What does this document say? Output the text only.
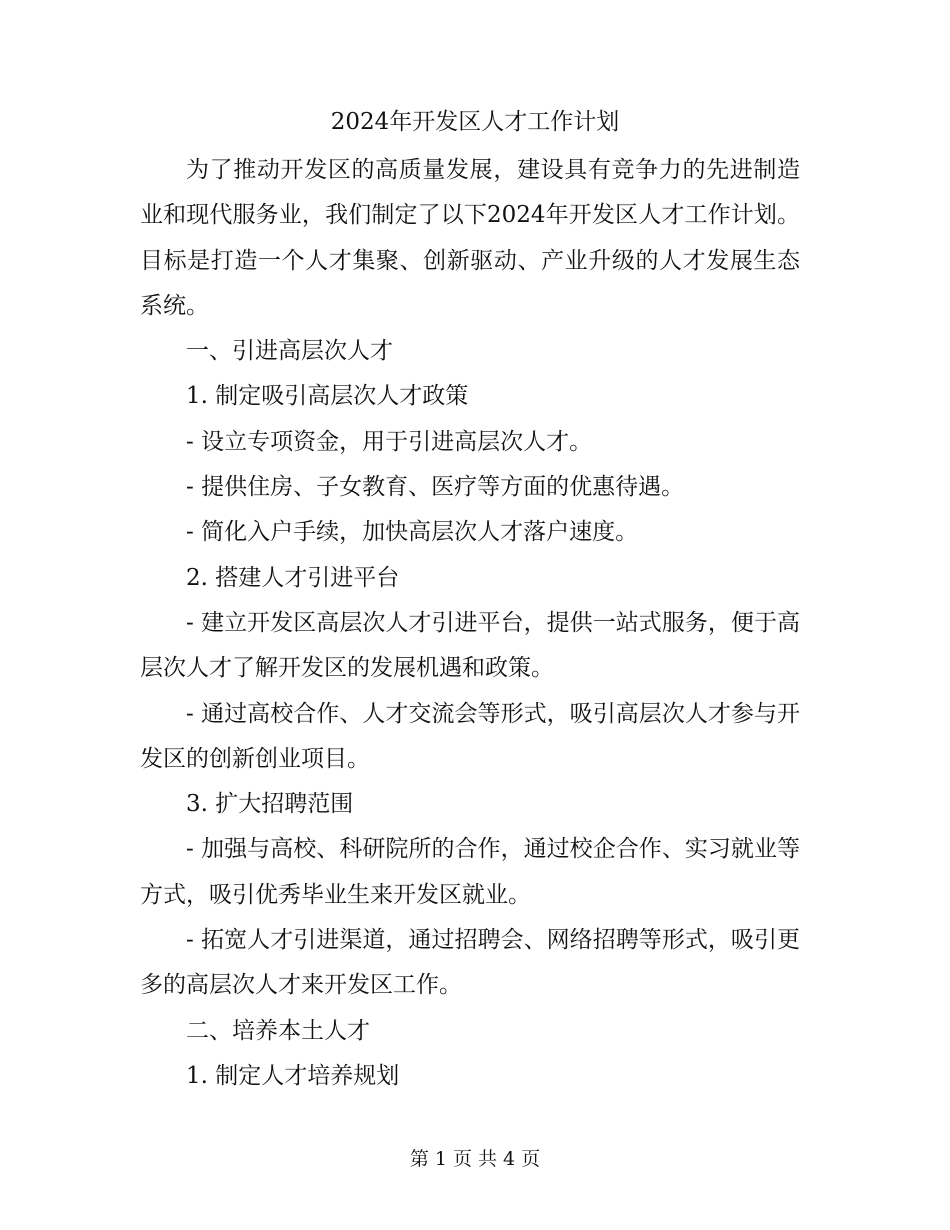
2024年开发区人才工作计划

为了推动开发区的高质量发展，建设具有竞争力的先进制造业和现代服务业，我们制定了以下2024年开发区人才工作计划。目标是打造一个人才集聚、创新驱动、产业升级的人才发展生态系统。

一、引进高层次人才

1. 制定吸引高层次人才政策

- 设立专项资金，用于引进高层次人才。

- 提供住房、子女教育、医疗等方面的优惠待遇。

- 简化入户手续，加快高层次人才落户速度。

2. 搭建人才引进平台

- 建立开发区高层次人才引进平台，提供一站式服务，便于高层次人才了解开发区的发展机遇和政策。

- 通过高校合作、人才交流会等形式，吸引高层次人才参与开发区的创新创业项目。

3. 扩大招聘范围

- 加强与高校、科研院所的合作，通过校企合作、实习就业等方式，吸引优秀毕业生来开发区就业。

- 拓宽人才引进渠道，通过招聘会、网络招聘等形式，吸引更多的高层次人才来开发区工作。

二、培养本土人才

1. 制定人才培养规划

第 1 页 共 4 页
